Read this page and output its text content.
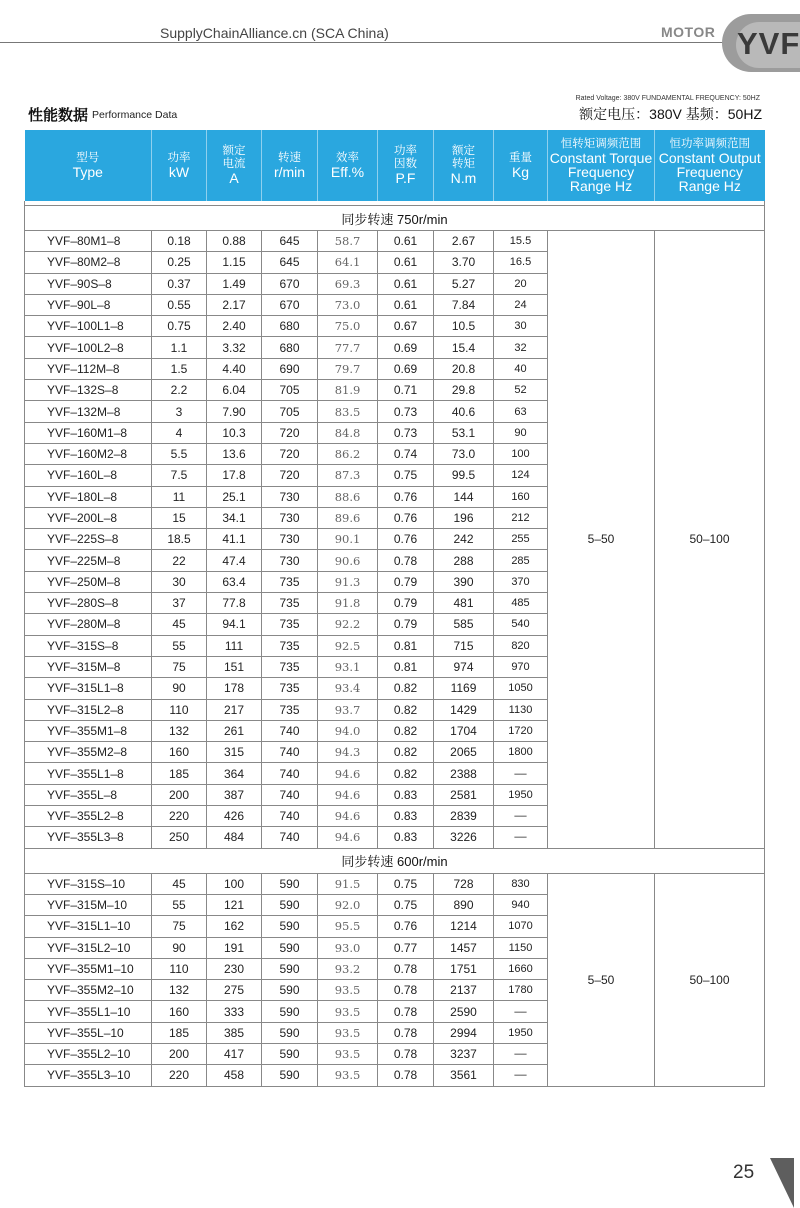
SupplyChainAlliance.cn (SCA China)	MOTOR YVF
性能数据 Performance Data
Rated Voltage: 380V FUNDAMENTAL FREQUENCY: 50HZ
额定电压：380V 基频：50HZ
型号
Type	功率
kW	额定
电流
A	转速
r/min	效率
Eff.%	功率
因数
P.F	额定
转矩
N.m	重量
Kg	恒转矩调频范围
Constant Torque
Frequency
Range Hz	恒功率调频范围
Constant Output
Frequency
Range Hz

同步转速 750r/min									
YVF–80M1–8	0.18	0.88	645	58.7	0.61	2.67	15.5	5–50	50–100
YVF–80M2–8	0.25	1.15	645	64.1	0.61	3.70	16.5		
YVF–90S–8	0.37	1.49	670	69.3	0.61	5.27	20		
YVF–90L–8	0.55	2.17	670	73.0	0.61	7.84	24		
YVF–100L1–8	0.75	2.40	680	75.0	0.67	10.5	30		
YVF–100L2–8	1.1	3.32	680	77.7	0.69	15.4	32		
YVF–112M–8	1.5	4.40	690	79.7	0.69	20.8	40		
YVF–132S–8	2.2	6.04	705	81.9	0.71	29.8	52		
YVF–132M–8	3	7.90	705	83.5	0.73	40.6	63		
YVF–160M1–8	4	10.3	720	84.8	0.73	53.1	90		
YVF–160M2–8	5.5	13.6	720	86.2	0.74	73.0	100		
YVF–160L–8	7.5	17.8	720	87.3	0.75	99.5	124		
YVF–180L–8	11	25.1	730	88.6	0.76	144	160		
YVF–200L–8	15	34.1	730	89.6	0.76	196	212		
YVF–225S–8	18.5	41.1	730	90.1	0.76	242	255		
YVF–225M–8	22	47.4	730	90.6	0.78	288	285		
YVF–250M–8	30	63.4	735	91.3	0.79	390	370		
YVF–280S–8	37	77.8	735	91.8	0.79	481	485		
YVF–280M–8	45	94.1	735	92.2	0.79	585	540		
YVF–315S–8	55	111	735	92.5	0.81	715	820		
YVF–315M–8	75	151	735	93.1	0.81	974	970		
YVF–315L1–8	90	178	735	93.4	0.82	1169	1050		
YVF–315L2–8	110	217	735	93.7	0.82	1429	1130		
YVF–355M1–8	132	261	740	94.0	0.82	1704	1720		
YVF–355M2–8	160	315	740	94.3	0.82	2065	1800		
YVF–355L1–8	185	364	740	94.6	0.82	2388	––		
YVF–355L–8	200	387	740	94.6	0.83	2581	1950		
YVF–355L2–8	220	426	740	94.6	0.83	2839	––		
YVF–355L3–8	250	484	740	94.6	0.83	3226	––		
同步转速 600r/min									
YVF–315S–10	45	100	590	91.5	0.75	728	830	5–50	50–100
YVF–315M–10	55	121	590	92.0	0.75	890	940		
YVF–315L1–10	75	162	590	95.5	0.76	1214	1070		
YVF–315L2–10	90	191	590	93.0	0.77	1457	1150		
YVF–355M1–10	110	230	590	93.2	0.78	1751	1660		
YVF–355M2–10	132	275	590	93.5	0.78	2137	1780		
YVF–355L1–10	160	333	590	93.5	0.78	2590	––		
YVF–355L–10	185	385	590	93.5	0.78	2994	1950		
YVF–355L2–10	200	417	590	93.5	0.78	3237	––		
YVF–355L3–10	220	458	590	93.5	0.78	3561	––		
25
